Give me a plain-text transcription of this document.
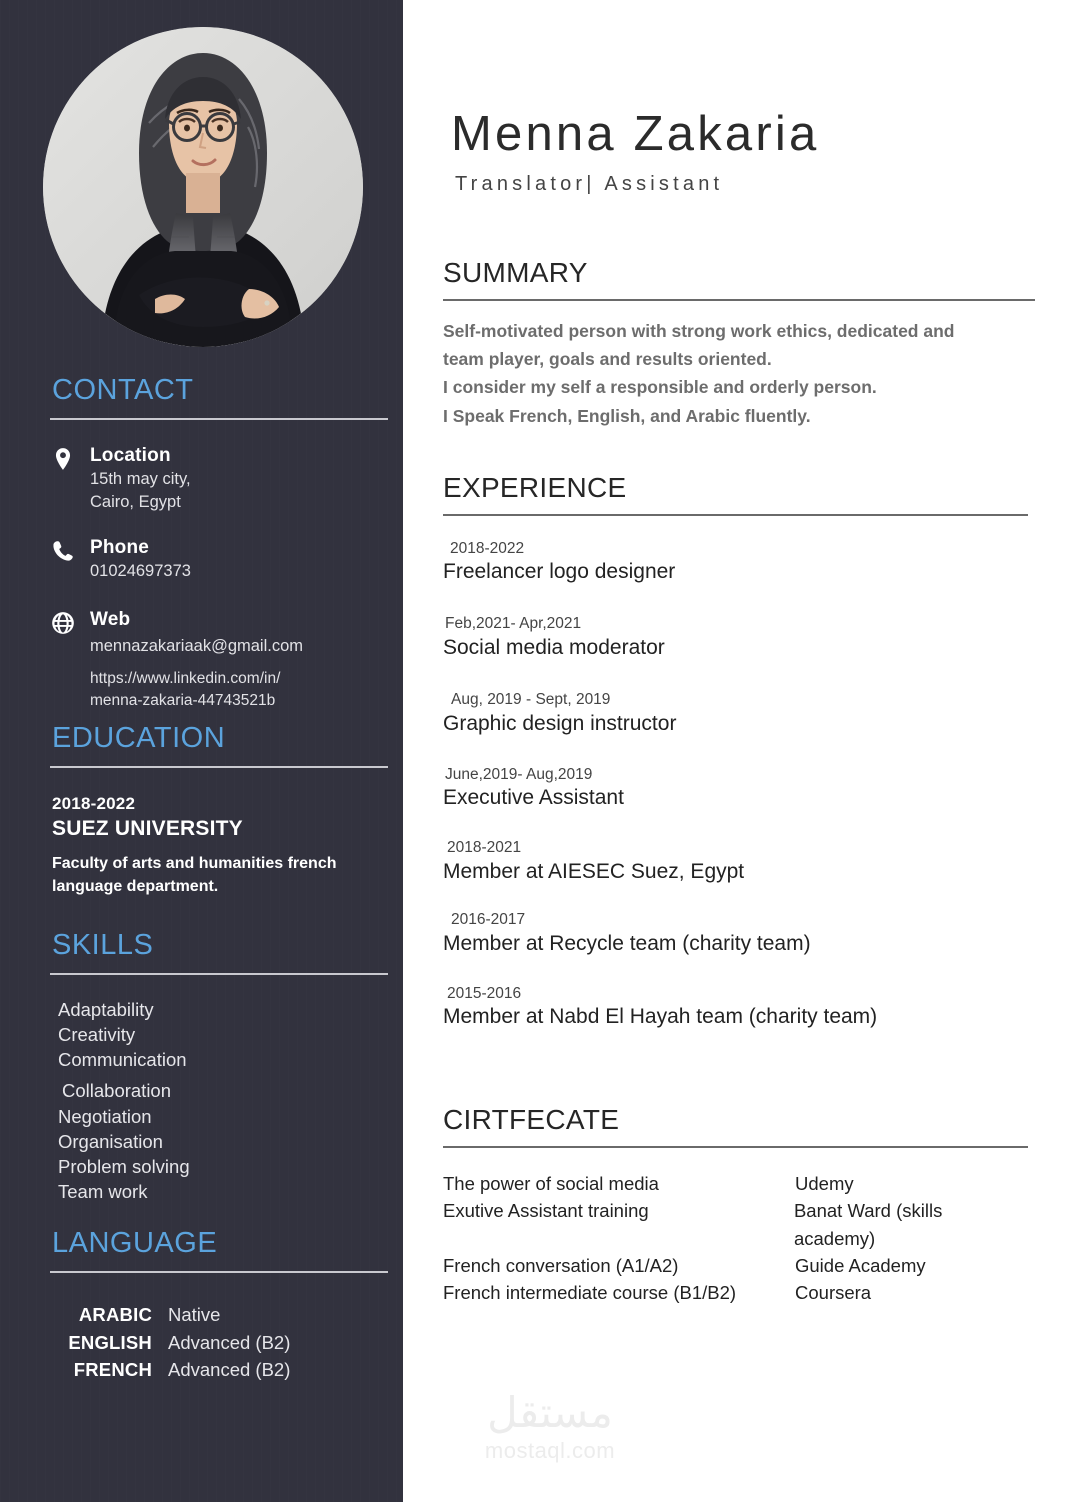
CONTACT
Location
15th may city,
Cairo, Egypt
Phone
01024697373
Web
mennazakariaak@gmail.com
https://www.linkedin.com/in/
menna-zakaria-44743521b
EDUCATION
2018-2022
SUEZ UNIVERSITY
Faculty of arts and humanities french language department.
SKILLS
Adaptability
Creativity
Communication
Collaboration
Negotiation
Organisation
Problem solving
Team work
LANGUAGE
ARABIC Native
ENGLISH Advanced (B2)
FRENCH Advanced (B2)
Menna Zakaria
Translator| Assistant
SUMMARY
Self-motivated person with strong work ethics, dedicated and
team player, goals and results oriented.
I consider my self a responsible and orderly person.
I Speak French, English, and Arabic fluently.
EXPERIENCE
2018-2022
Freelancer logo designer
Feb,2021- Apr,2021
Social media moderator
Aug, 2019 - Sept, 2019
Graphic design instructor
June,2019- Aug,2019
Executive Assistant
2018-2021
Member at AIESEC Suez, Egypt
2016-2017
Member at Recycle team (charity team)
2015-2016
Member at Nabd El Hayah team (charity team)
CIRTFECATE
The power of social media	Udemy
Exutive Assistant training	Banat Ward (skills academy)
French conversation (A1/A2)	Guide Academy
French intermediate course (B1/B2)	Coursera
مستقل
mostaql.com
